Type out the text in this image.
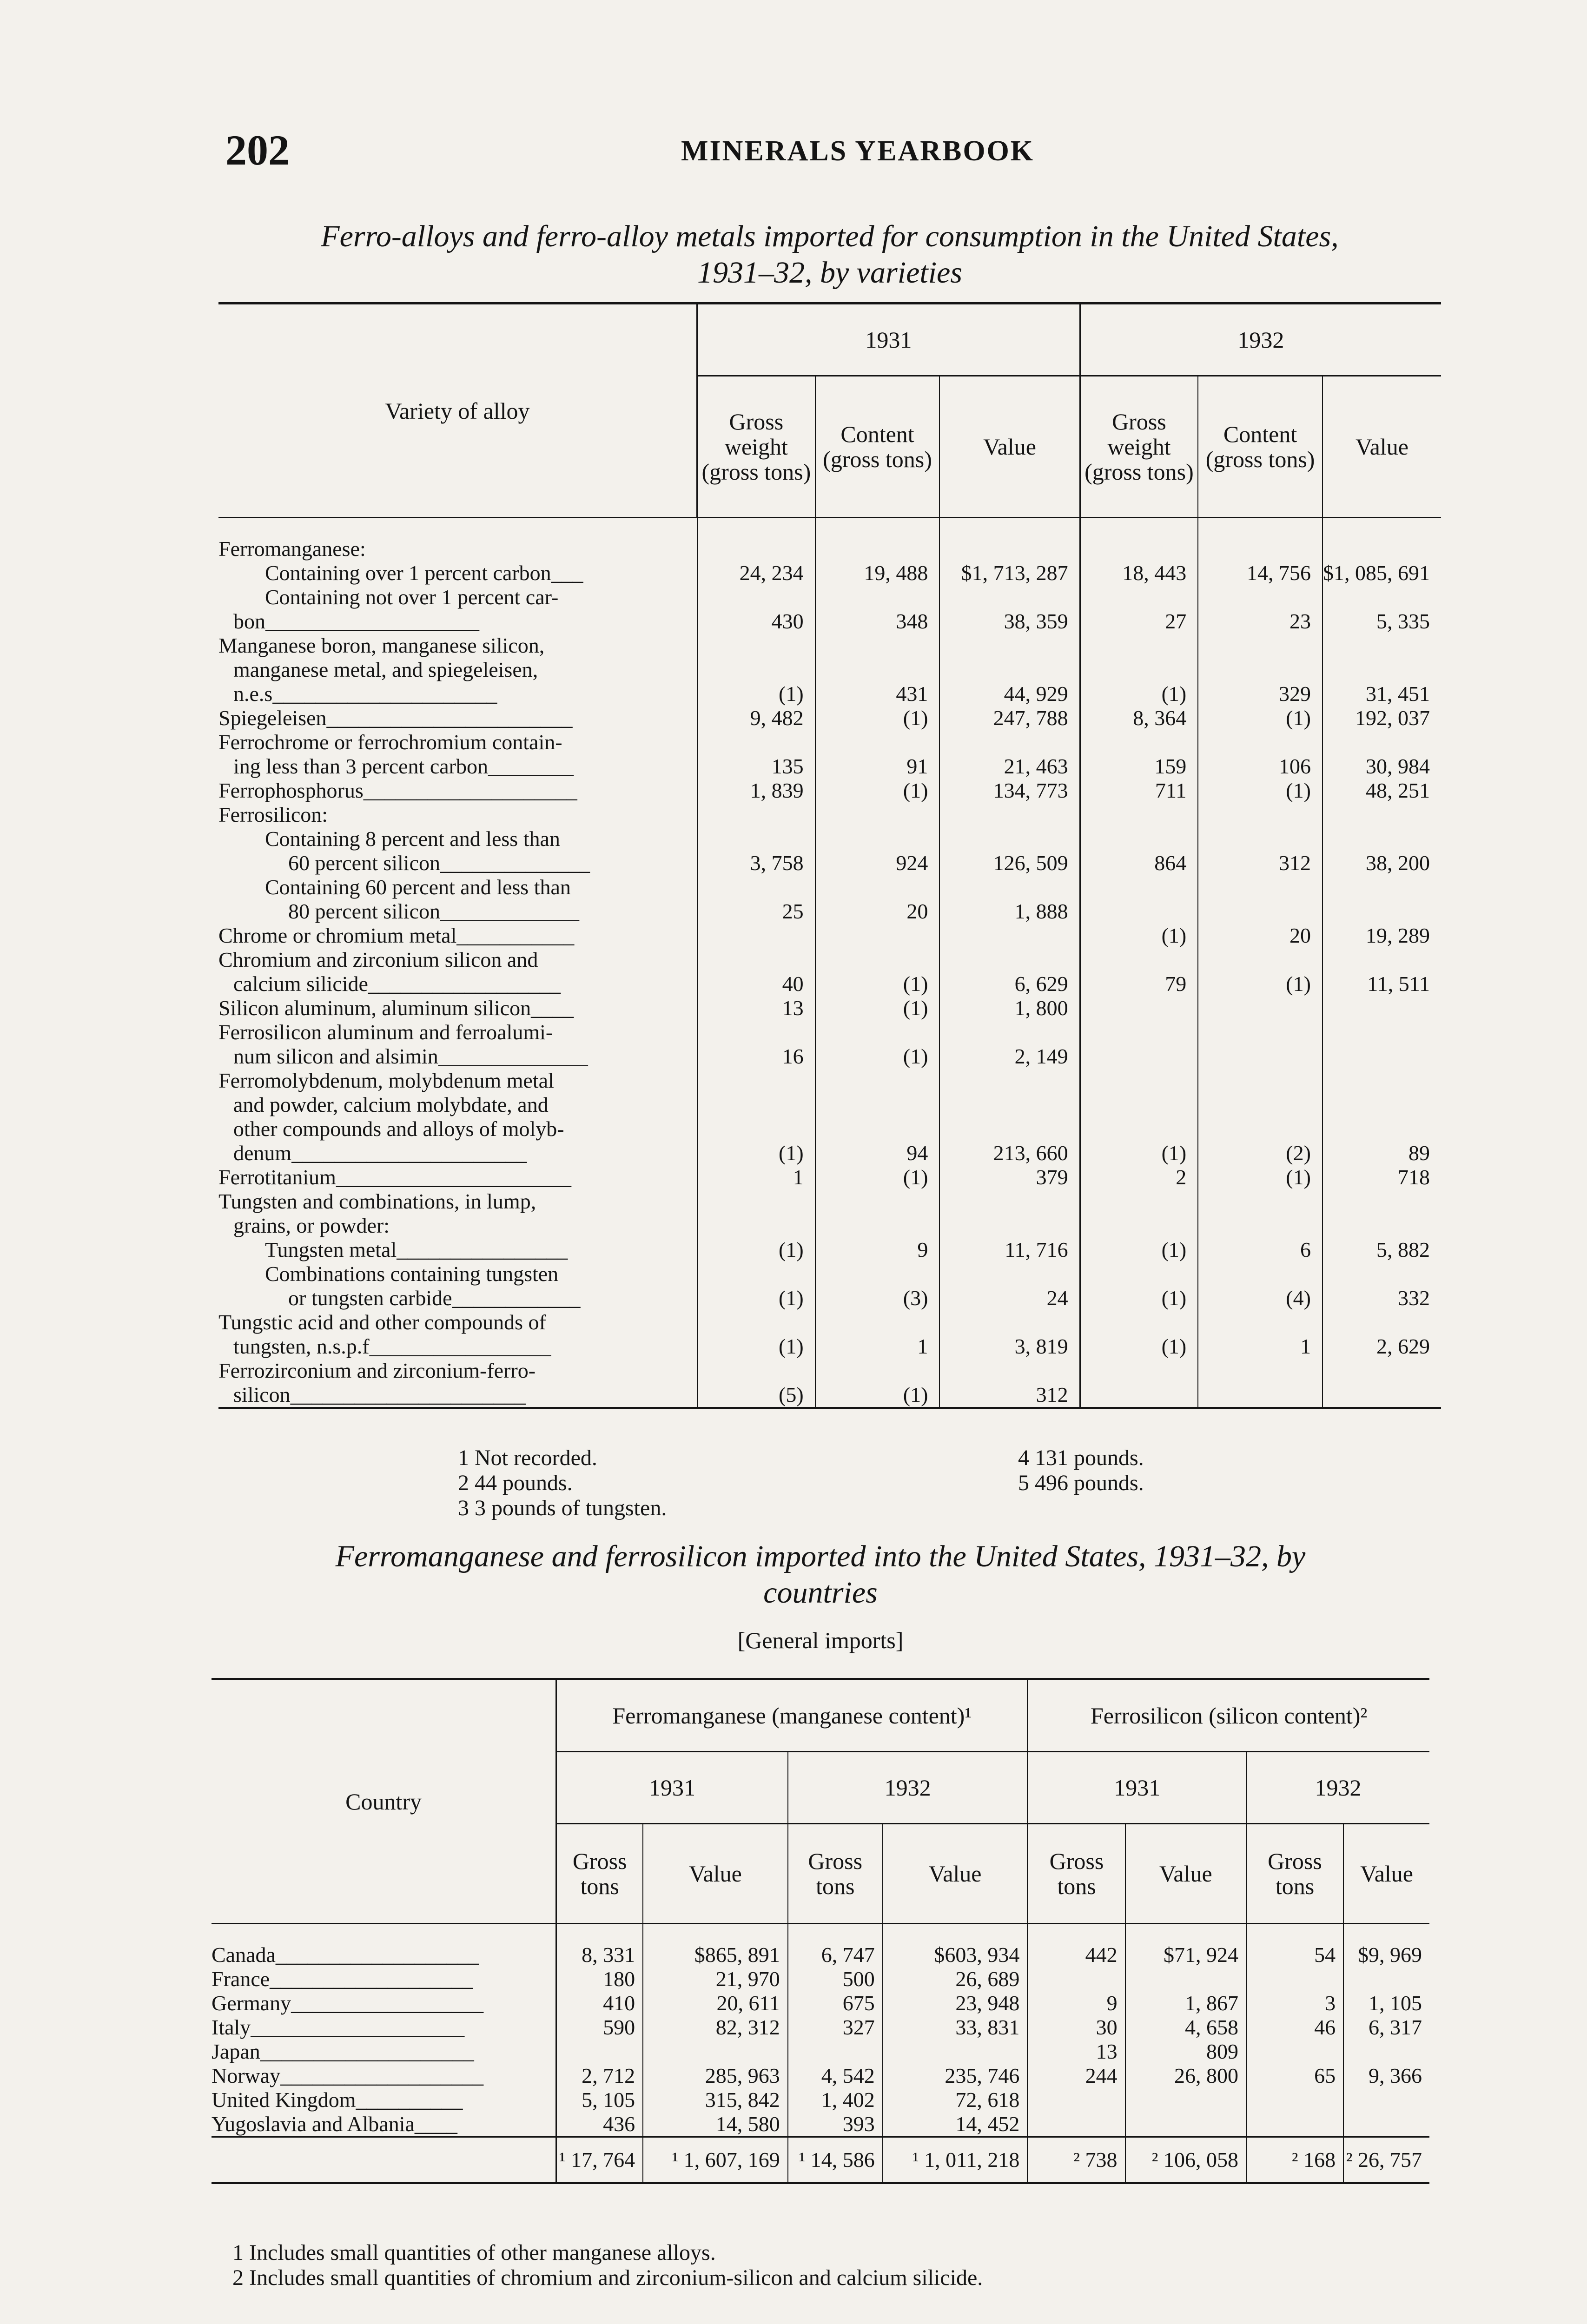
202	MINERALS YEARBOOK
Ferro-alloys and ferro-alloy metals imported for consumption in the United States,
1931–32, by varieties
Variety of alloy	1931			1932		
	Gross weight (gross tons)	Content (gross tons)	Value	Gross weight (gross tons)	Content (gross tons)	Value
Ferromanganese:						
Containing over 1 percent carbon___	24, 234	19, 488	$1, 713, 287	18, 443	14, 756	$1, 085, 691
Containing not over 1 percent car-						
bon____________________	430	348	38, 359	27	23	5, 335
Manganese boron, manganese silicon,						
manganese metal, and spiegeleisen,						
n.e.s_____________________	(1)	431	44, 929	(1)	329	31, 451
Spiegeleisen_______________________	9, 482	(1)	247, 788	8, 364	(1)	192, 037
Ferrochrome or ferrochromium contain-						
ing less than 3 percent carbon________	135	91	21, 463	159	106	30, 984
Ferrophosphorus____________________	1, 839	(1)	134, 773	711	(1)	48, 251
Ferrosilicon:						
Containing 8 percent and less than						
60 percent silicon______________	3, 758	924	126, 509	864	312	38, 200
Containing 60 percent and less than						
80 percent silicon_____________	25	20	1, 888			
Chrome or chromium metal___________				(1)	20	19, 289
Chromium and zirconium silicon and						
calcium silicide__________________	40	(1)	6, 629	79	(1)	11, 511
Silicon aluminum, aluminum silicon____	13	(1)	1, 800			
Ferrosilicon aluminum and ferroalumi-						
num silicon and alsimin______________	16	(1)	2, 149			
Ferromolybdenum, molybdenum metal						
and powder, calcium molybdate, and						
other compounds and alloys of molyb-						
denum______________________	(1)	94	213, 660	(1)	(2)	89
Ferrotitanium______________________	1	(1)	379	2	(1)	718
Tungsten and combinations, in lump,						
grains, or powder:						
Tungsten metal________________	(1)	9	11, 716	(1)	6	5, 882
Combinations containing tungsten						
or tungsten carbide____________	(1)	(3)	24	(1)	(4)	332
Tungstic acid and other compounds of						
tungsten, n.s.p.f_________________	(1)	1	3, 819	(1)	1	2, 629
Ferrozirconium and zirconium-ferro-						
silicon______________________	(5)	(1)	312			
1 Not recorded.
2 44 pounds.
3 3 pounds of tungsten.
4 131 pounds.
5 496 pounds.
Ferromanganese and ferrosilicon imported into the United States, 1931–32, by
countries
[General imports]
Country	Ferromanganese (manganese content)¹				Ferrosilicon (silicon content)²			
	1931		1932		1931		1932	
	Gross tons	Value	Gross tons	Value	Gross tons	Value	Gross tons	Value
Canada___________________	8, 331	$865, 891	6, 747	$603, 934	442	$71, 924	54	$9, 969
France___________________	180	21, 970	500	26, 689				
Germany__________________	410	20, 611	675	23, 948	9	1, 867	3	1, 105
Italy____________________	590	82, 312	327	33, 831	30	4, 658	46	6, 317
Japan____________________					13	809		
Norway___________________	2, 712	285, 963	4, 542	235, 746	244	26, 800	65	9, 366
United Kingdom__________	5, 105	315, 842	1, 402	72, 618				
Yugoslavia and Albania____	436	14, 580	393	14, 452				
	¹ 17, 764	¹ 1, 607, 169	¹ 14, 586	¹ 1, 011, 218	² 738	² 106, 058	² 168	² 26, 757
1 Includes small quantities of other manganese alloys.
2 Includes small quantities of chromium and zirconium-silicon and calcium silicide.
